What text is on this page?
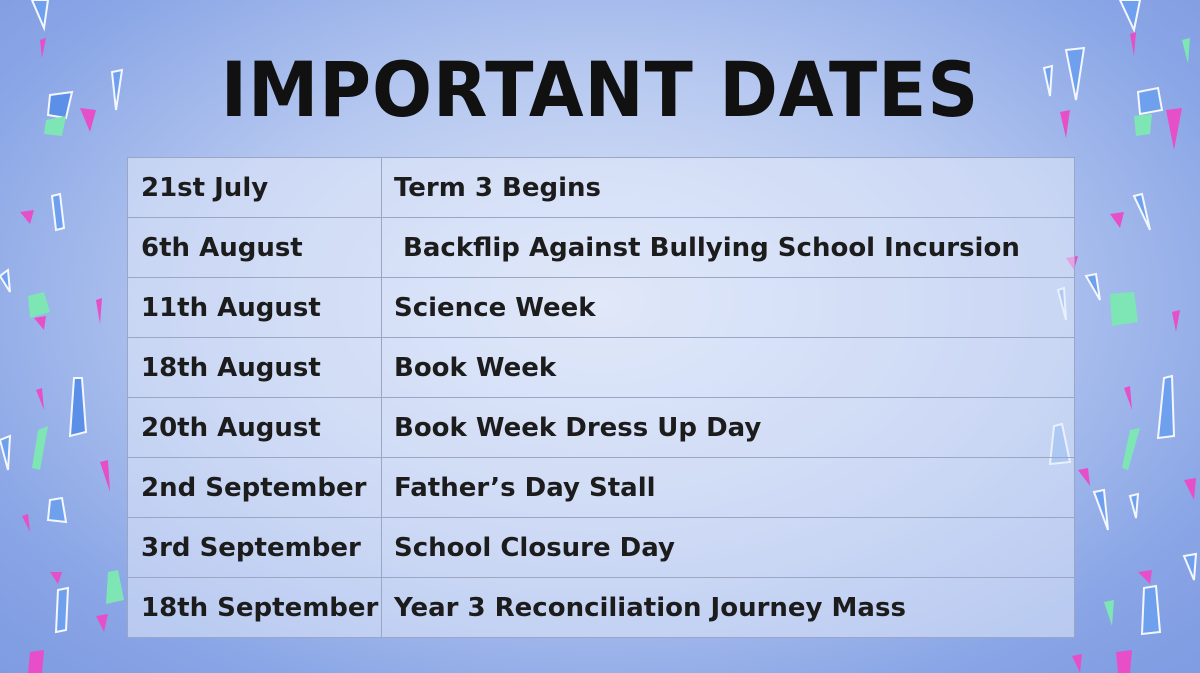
IMPORTANT DATES
21st July	Term 3 Begins
6th August	Backflip Against Bullying School Incursion
11th August	Science Week
18th August	Book Week
20th August	Book Week Dress Up Day
2nd September	Father’s Day Stall
3rd September	School Closure Day
18th September	Year 3 Reconciliation Journey Mass
